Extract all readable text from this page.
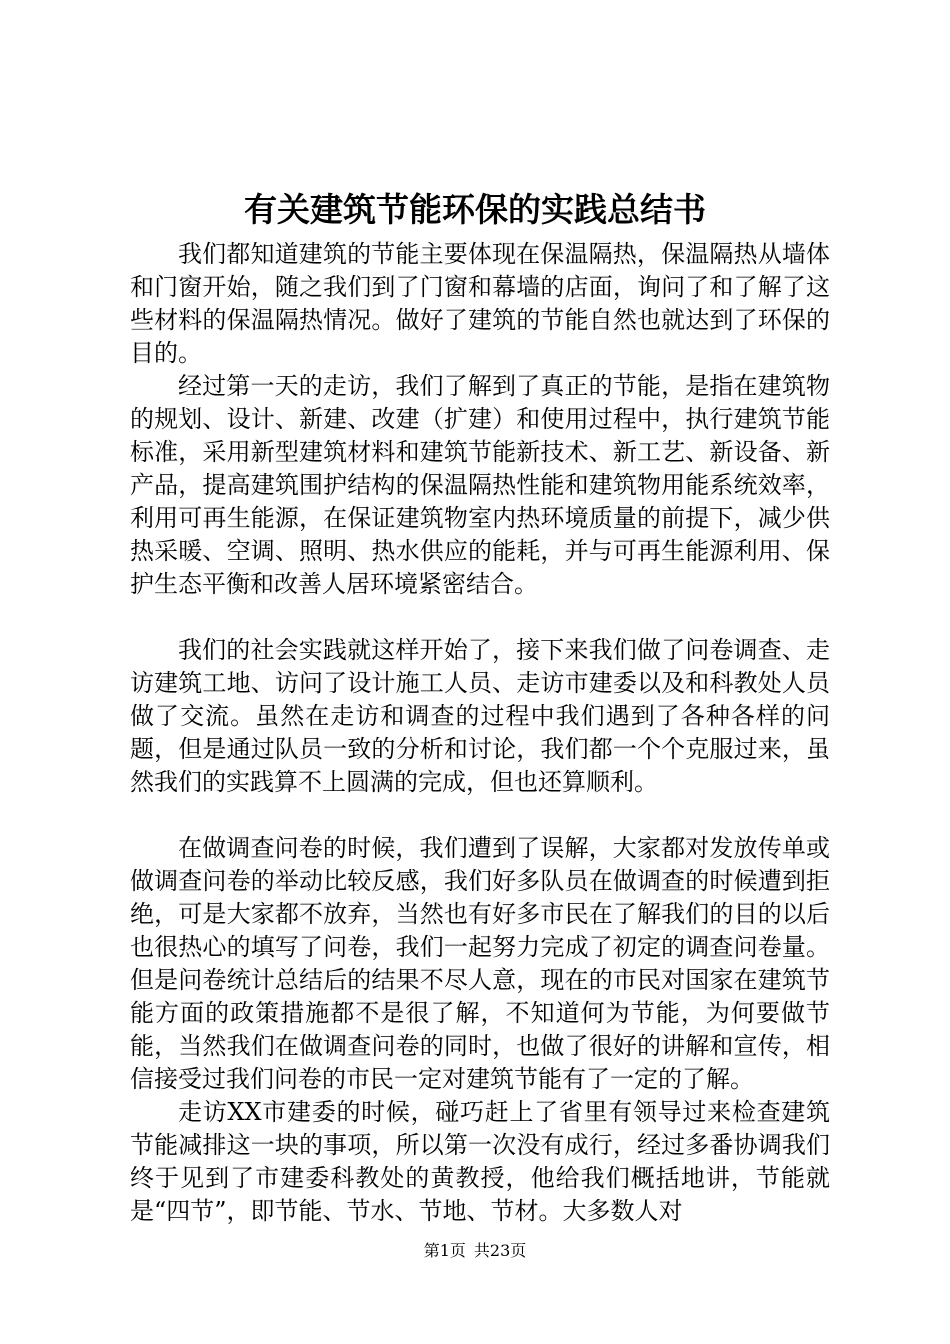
有关建筑节能环保的实践总结书

我们都知道建筑的节能主要体现在保温隔热，保温隔热从墙体和门窗开始，随之我们到了门窗和幕墙的店面，询问了和了解了这些材料的保温隔热情况。做好了建筑的节能自然也就达到了环保的目的。

经过第一天的走访，我们了解到了真正的节能，是指在建筑物的规划、设计、新建、改建（扩建）和使用过程中，执行建筑节能标准，采用新型建筑材料和建筑节能新技术、新工艺、新设备、新产品，提高建筑围护结构的保温隔热性能和建筑物用能系统效率，利用可再生能源，在保证建筑物室内热环境质量的前提下，减少供热采暖、空调、照明、热水供应的能耗，并与可再生能源利用、保护生态平衡和改善人居环境紧密结合。

我们的社会实践就这样开始了，接下来我们做了问卷调查、走访建筑工地、访问了设计施工人员、走访市建委以及和科教处人员做了交流。虽然在走访和调查的过程中我们遇到了各种各样的问题，但是通过队员一致的分析和讨论，我们都一个个克服过来，虽然我们的实践算不上圆满的完成，但也还算顺利。

在做调查问卷的时候，我们遭到了误解，大家都对发放传单或做调查问卷的举动比较反感，我们好多队员在做调查的时候遭到拒绝，可是大家都不放弃，当然也有好多市民在了解我们的目的以后也很热心的填写了问卷，我们一起努力完成了初定的调查问卷量。但是问卷统计总结后的结果不尽人意，现在的市民对国家在建筑节能方面的政策措施都不是很了解，不知道何为节能，为何要做节能，当然我们在做调查问卷的同时，也做了很好的讲解和宣传，相信接受过我们问卷的市民一定对建筑节能有了一定的了解。

走访XX市建委的时候，碰巧赶上了省里有领导过来检查建筑节能减排这一块的事项，所以第一次没有成行，经过多番协调我们终于见到了市建委科教处的黄教授，他给我们概括地讲，节能就是“四节”，即节能、节水、节地、节材。大多数人对

第1页 共23页
